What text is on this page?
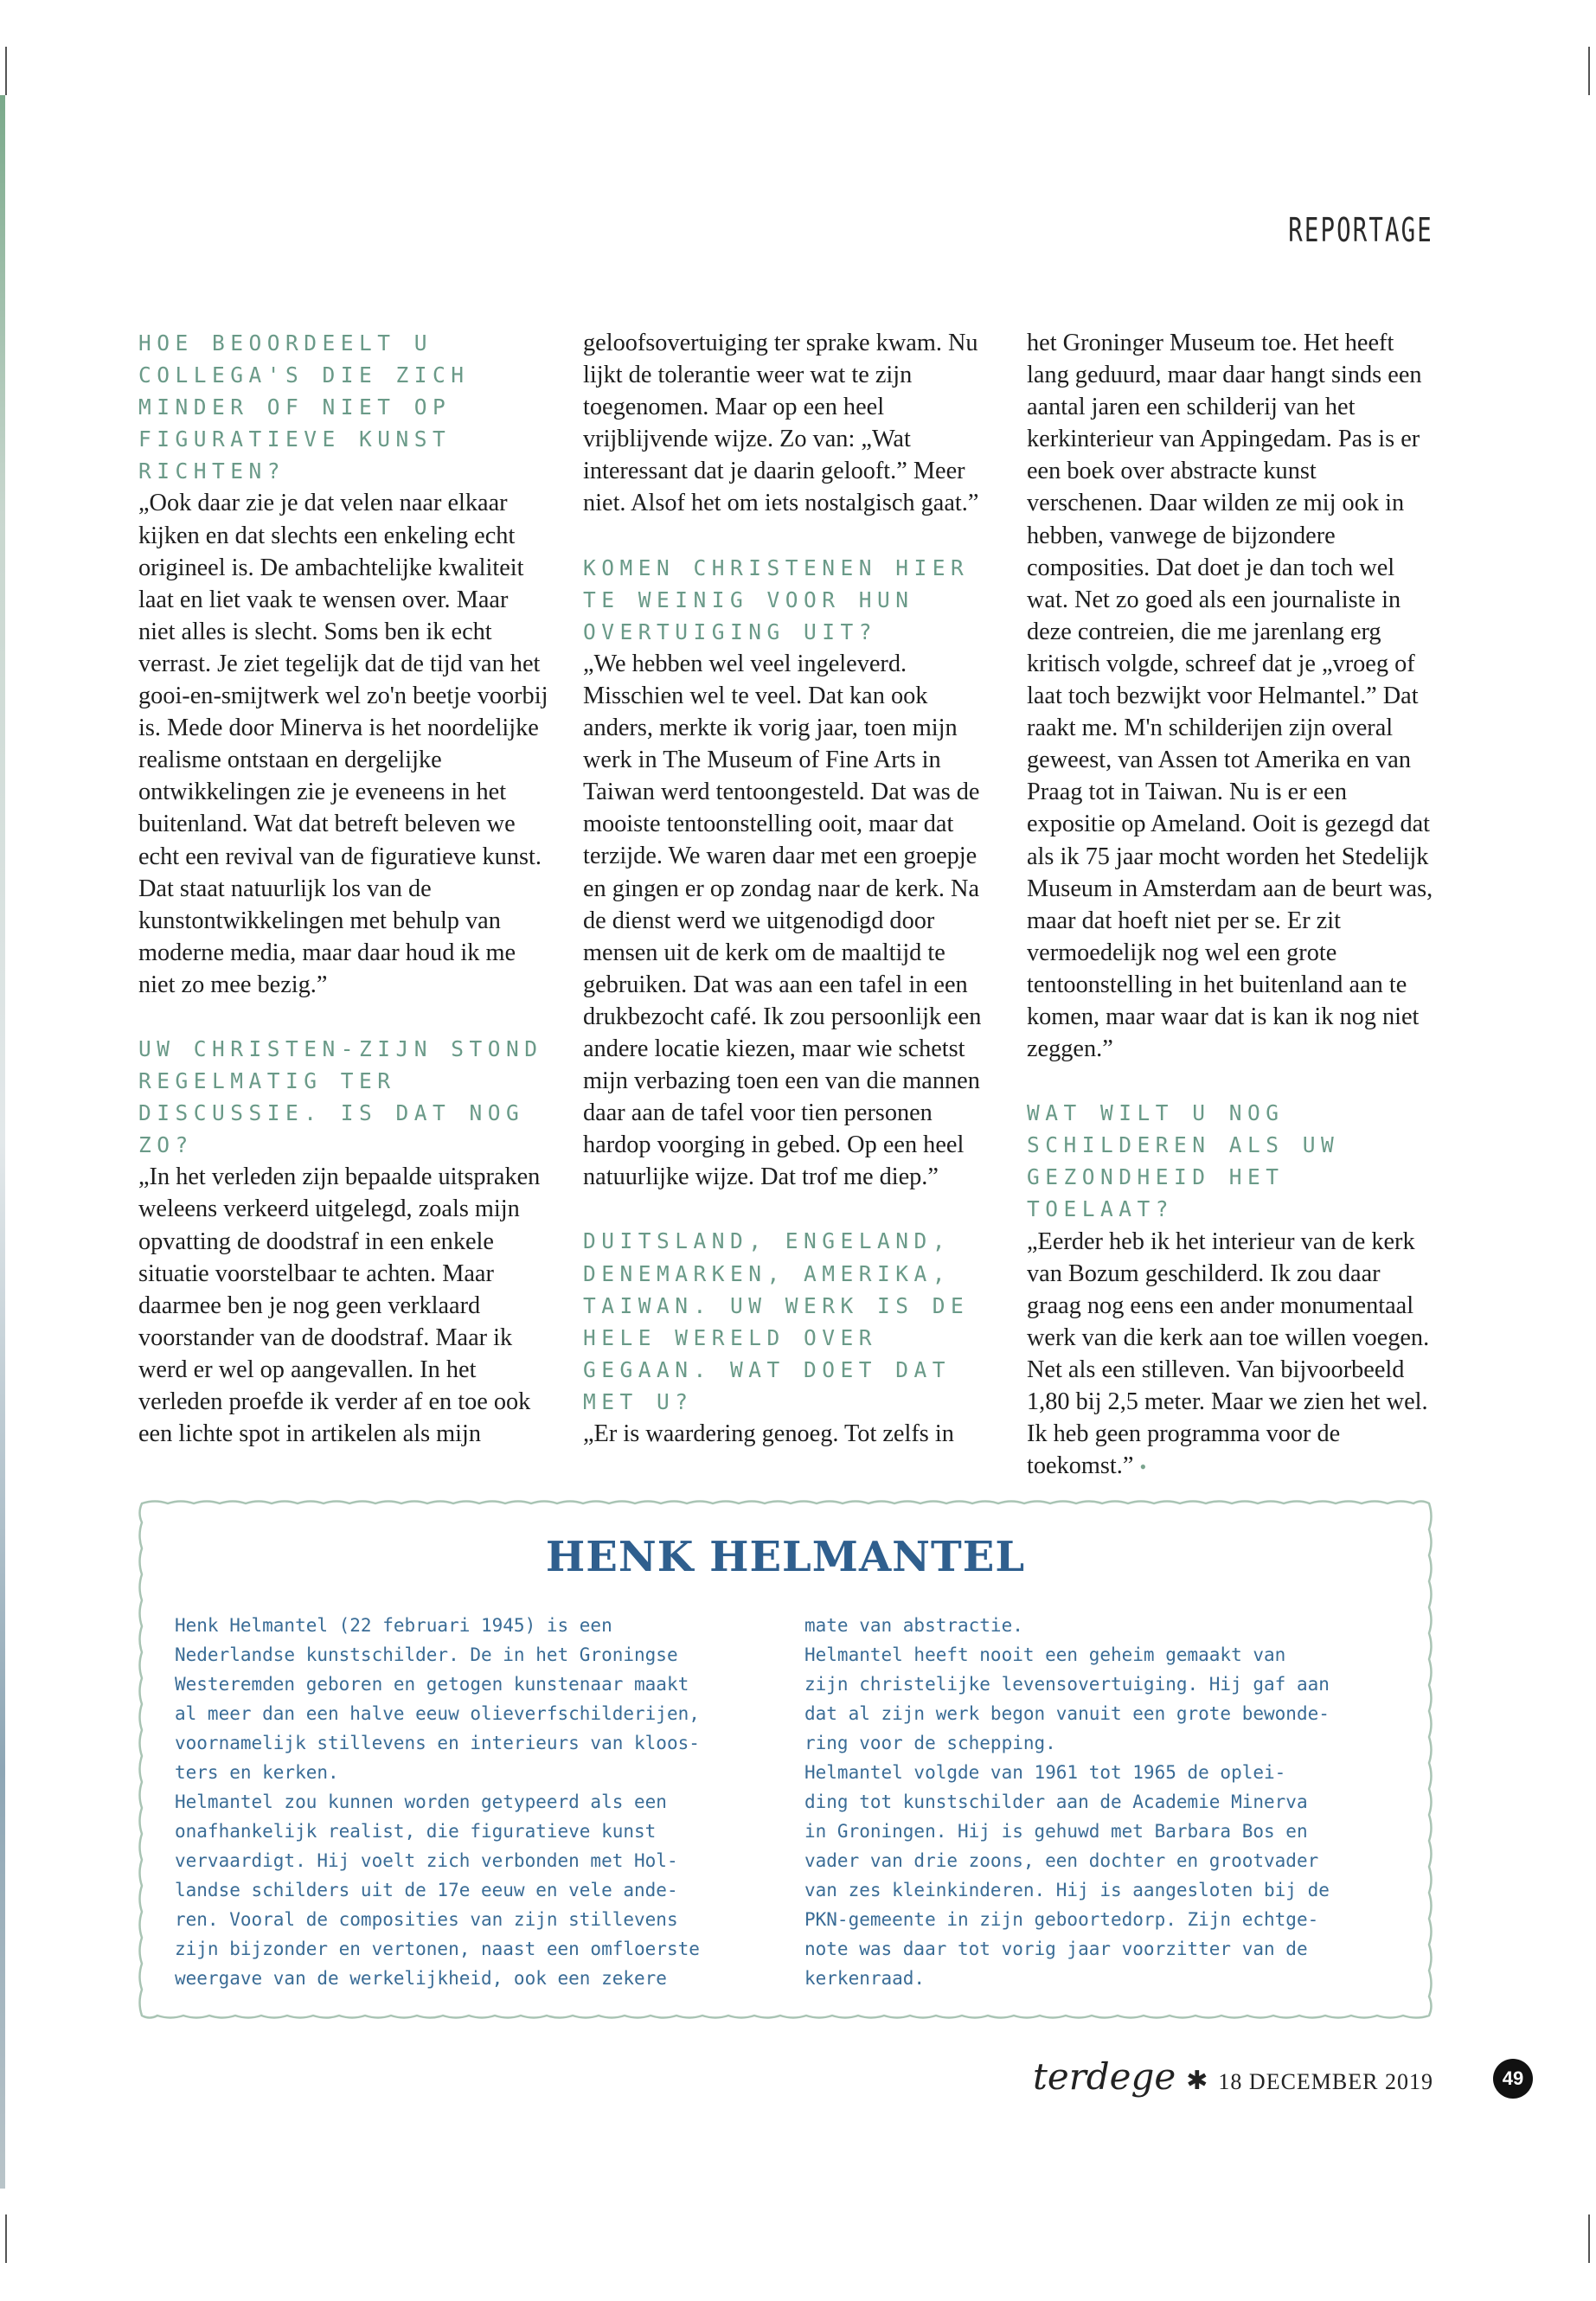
REPORTAGE

HOE BEOORDEELT U COLLEGA'S DIE ZICH MINDER OF NIET OP FIGURATIEVE KUNST RICHTEN?

„Ook daar zie je dat velen naar elkaar kijken en dat slechts een enkeling echt origineel is. De ambachtelijke kwaliteit laat en liet vaak te wensen over. Maar niet alles is slecht. Soms ben ik echt verrast. Je ziet tegelijk dat de tijd van het gooi-en-smijtwerk wel zo'n beetje voorbij is. Mede door Minerva is het noordelijke realisme ontstaan en dergelijke ontwikkelingen zie je eveneens in het buitenland. Wat dat betreft beleven we echt een revival van de figuratieve kunst. Dat staat natuurlijk los van de kunstontwikkelingen met behulp van moderne media, maar daar houd ik me niet zo mee bezig.”

UW CHRISTEN-ZIJN STOND REGELMATIG TER DISCUSSIE. IS DAT NOG ZO?

„In het verleden zijn bepaalde uitspraken weleens verkeerd uitgelegd, zoals mijn opvatting de doodstraf in een enkele situatie voorstelbaar te achten. Maar daarmee ben je nog geen verklaard voorstander van de doodstraf. Maar ik werd er wel op aangevallen. In het verleden proefde ik verder af en toe ook een lichte spot in artikelen als mijn

geloofsovertuiging ter sprake kwam. Nu lijkt de tolerantie weer wat te zijn toegenomen. Maar op een heel vrijblijvende wijze. Zo van: „Wat interessant dat je daarin gelooft.” Meer niet. Alsof het om iets nostalgisch gaat.”

KOMEN CHRISTENEN HIER TE WEINIG VOOR HUN OVERTUIGING UIT?

„We hebben wel veel ingeleverd. Misschien wel te veel. Dat kan ook anders, merkte ik vorig jaar, toen mijn werk in The Museum of Fine Arts in Taiwan werd tentoongesteld. Dat was de mooiste tentoonstelling ooit, maar dat terzijde. We waren daar met een groepje en gingen er op zondag naar de kerk. Na de dienst werd we uitgenodigd door mensen uit de kerk om de maaltijd te gebruiken. Dat was aan een tafel in een drukbezocht café. Ik zou persoonlijk een andere locatie kiezen, maar wie schetst mijn verbazing toen een van die mannen daar aan de tafel voor tien personen hardop voorging in gebed. Op een heel natuurlijke wijze. Dat trof me diep.”

DUITSLAND, ENGELAND, DENEMARKEN, AMERIKA, TAIWAN. UW WERK IS DE HELE WERELD OVER GEGAAN. WAT DOET DAT MET U?

„Er is waardering genoeg. Tot zelfs in

het Groninger Museum toe. Het heeft lang geduurd, maar daar hangt sinds een aantal jaren een schilderij van het kerkinterieur van Appingedam. Pas is er een boek over abstracte kunst verschenen. Daar wilden ze mij ook in hebben, vanwege de bijzondere composities. Dat doet je dan toch wel wat. Net zo goed als een journaliste in deze contreien, die me jarenlang erg kritisch volgde, schreef dat je „vroeg of laat toch bezwijkt voor Helmantel.” Dat raakt me. M'n schilderijen zijn overal geweest, van Assen tot Amerika en van Praag tot in Taiwan. Nu is er een expositie op Ameland. Ooit is gezegd dat als ik 75 jaar mocht worden het Stedelijk Museum in Amsterdam aan de beurt was, maar dat hoeft niet per se. Er zit vermoedelijk nog wel een grote tentoonstelling in het buitenland aan te komen, maar waar dat is kan ik nog niet zeggen.”

WAT WILT U NOG SCHILDEREN ALS UW GEZONDHEID HET TOELAAT?

„Eerder heb ik het interieur van de kerk van Bozum geschilderd. Ik zou daar graag nog eens een ander monumentaal werk van die kerk aan toe willen voegen. Net als een stilleven. Van bijvoorbeeld 1,80 bij 2,5 meter. Maar we zien het wel. Ik heb geen programma voor de toekomst.” •

HENK HELMANTEL
Henk Helmantel (22 februari 1945) is een
Nederlandse kunstschilder. De in het Groningse
Westeremden geboren en getogen kunstenaar maakt
al meer dan een halve eeuw olieverfschilderijen,
voornamelijk stillevens en interieurs van kloos-
ters en kerken.
Helmantel zou kunnen worden getypeerd als een
onafhankelijk realist, die figuratieve kunst
vervaardigt. Hij voelt zich verbonden met Hol-
landse schilders uit de 17e eeuw en vele ande-
ren. Vooral de composities van zijn stillevens
zijn bijzonder en vertonen, naast een omfloerste
weergave van de werkelijkheid, ook een zekere
mate van abstractie.
Helmantel heeft nooit een geheim gemaakt van
zijn christelijke levensovertuiging. Hij gaf aan
dat al zijn werk begon vanuit een grote bewonde-
ring voor de schepping.
Helmantel volgde van 1961 tot 1965 de oplei-
ding tot kunstschilder aan de Academie Minerva
in Groningen. Hij is gehuwd met Barbara Bos en
vader van drie zoons, een dochter en grootvader
van zes kleinkinderen. Hij is aangesloten bij de
PKN-gemeente in zijn geboortedorp. Zijn echtge-
note was daar tot vorig jaar voorzitter van de
kerkenraad.
terdege ✱ 18 DECEMBER 2019	49
